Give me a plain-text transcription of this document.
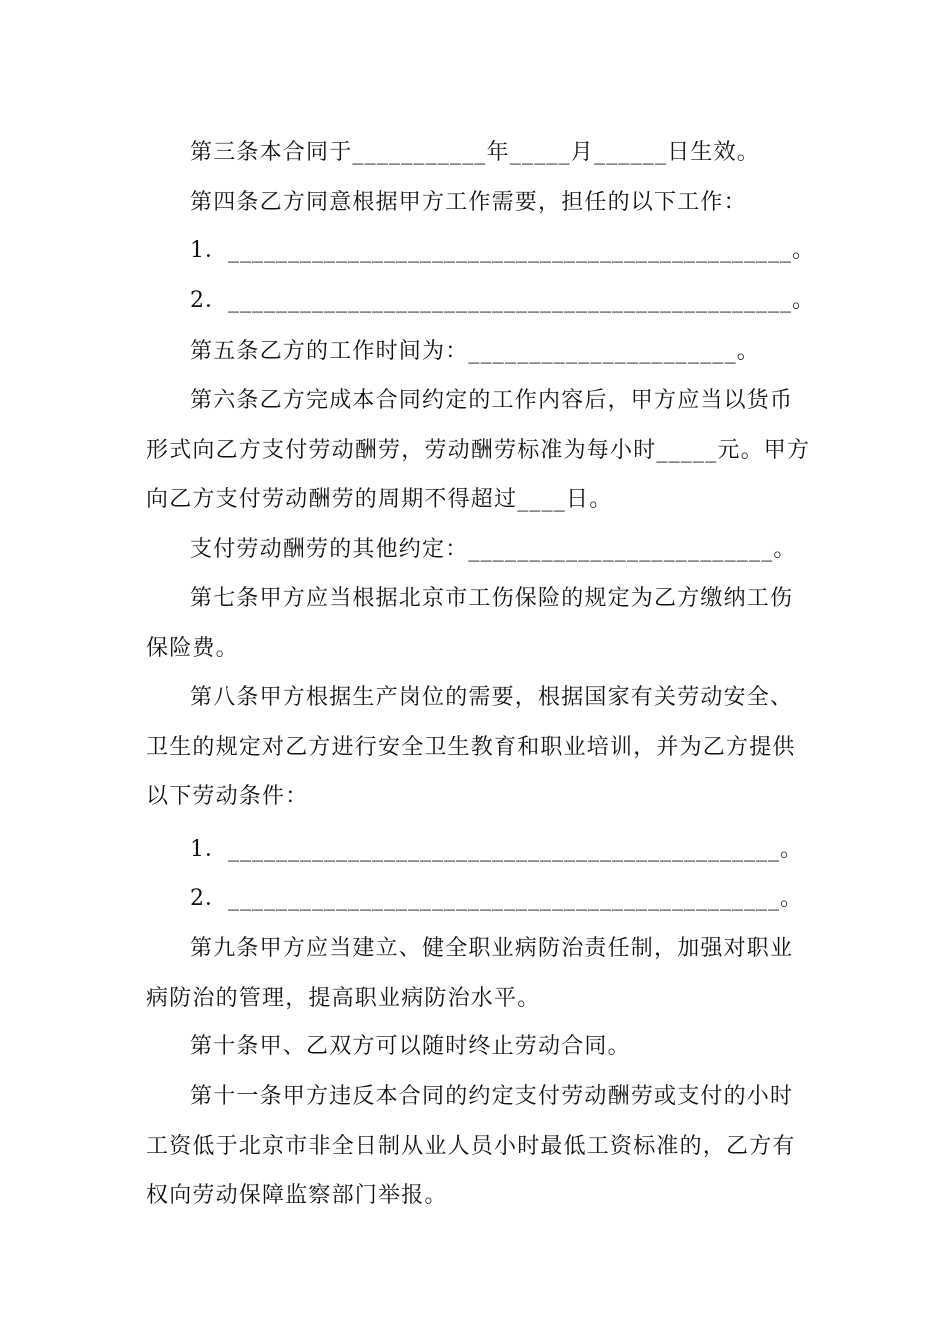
第三条本合同于___________年_____月______日生效。

第四条乙方同意根据甲方工作需要，担任的以下工作：

1．_______________________________________________。

2．_______________________________________________。

第五条乙方的工作时间为：______________________。

第六条乙方完成本合同约定的工作内容后，甲方应当以货币形式向乙方支付劳动酬劳，劳动酬劳标准为每小时_____元。甲方向乙方支付劳动酬劳的周期不得超过____日。

支付劳动酬劳的其他约定：_________________________。

第七条甲方应当根据北京市工伤保险的规定为乙方缴纳工伤保险费。

第八条甲方根据生产岗位的需要，根据国家有关劳动安全、卫生的规定对乙方进行安全卫生教育和职业培训，并为乙方提供以下劳动条件：

1．______________________________________________。

2．______________________________________________。

第九条甲方应当建立、健全职业病防治责任制，加强对职业病防治的管理，提高职业病防治水平。

第十条甲、乙双方可以随时终止劳动合同。

第十一条甲方违反本合同的约定支付劳动酬劳或支付的小时工资低于北京市非全日制从业人员小时最低工资标准的，乙方有权向劳动保障监察部门举报。
